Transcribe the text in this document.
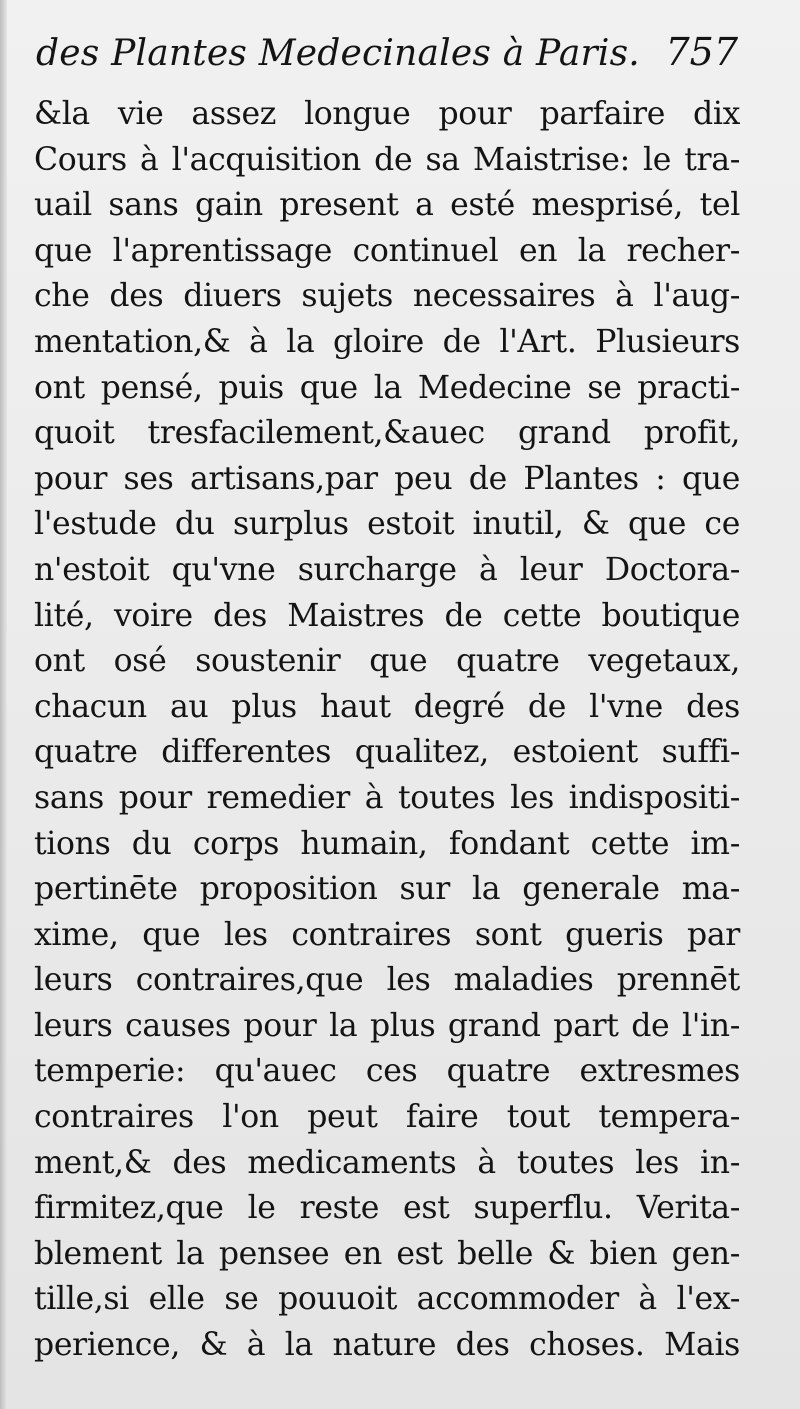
des Plantes Medecinales à Paris. 757
&la vie assez longue pour parfaire dix
Cours à l'acquisition de sa Maistrise: le tra-
uail sans gain present a esté mesprisé, tel
que l'aprentissage continuel en la recher-
che des diuers sujets necessaires à l'aug-
mentation,& à la gloire de l'Art. Plusieurs
ont pensé, puis que la Medecine se practi-
quoit tresfacilement,&auec grand profit,
pour ses artisans,par peu de Plantes : que
l'estude du surplus estoit inutil, & que ce
n'estoit qu'vne surcharge à leur Doctora-
lité, voire des Maistres de cette boutique
ont osé soustenir que quatre vegetaux,
chacun au plus haut degré de l'vne des
quatre differentes qualitez, estoient suffi-
sans pour remedier à toutes les indispositi-
tions du corps humain, fondant cette im-
pertinēte proposition sur la generale ma-
xime, que les contraires sont gueris par
leurs contraires,que les maladies prennēt
leurs causes pour la plus grand part de l'in-
temperie: qu'auec ces quatre extresmes
contraires l'on peut faire tout tempera-
ment,& des medicaments à toutes les in-
firmitez,que le reste est superflu. Verita-
blement la pensee en est belle & bien gen-
tille,si elle se pouuoit accommoder à l'ex-
perience, & à la nature des choses. Mais
